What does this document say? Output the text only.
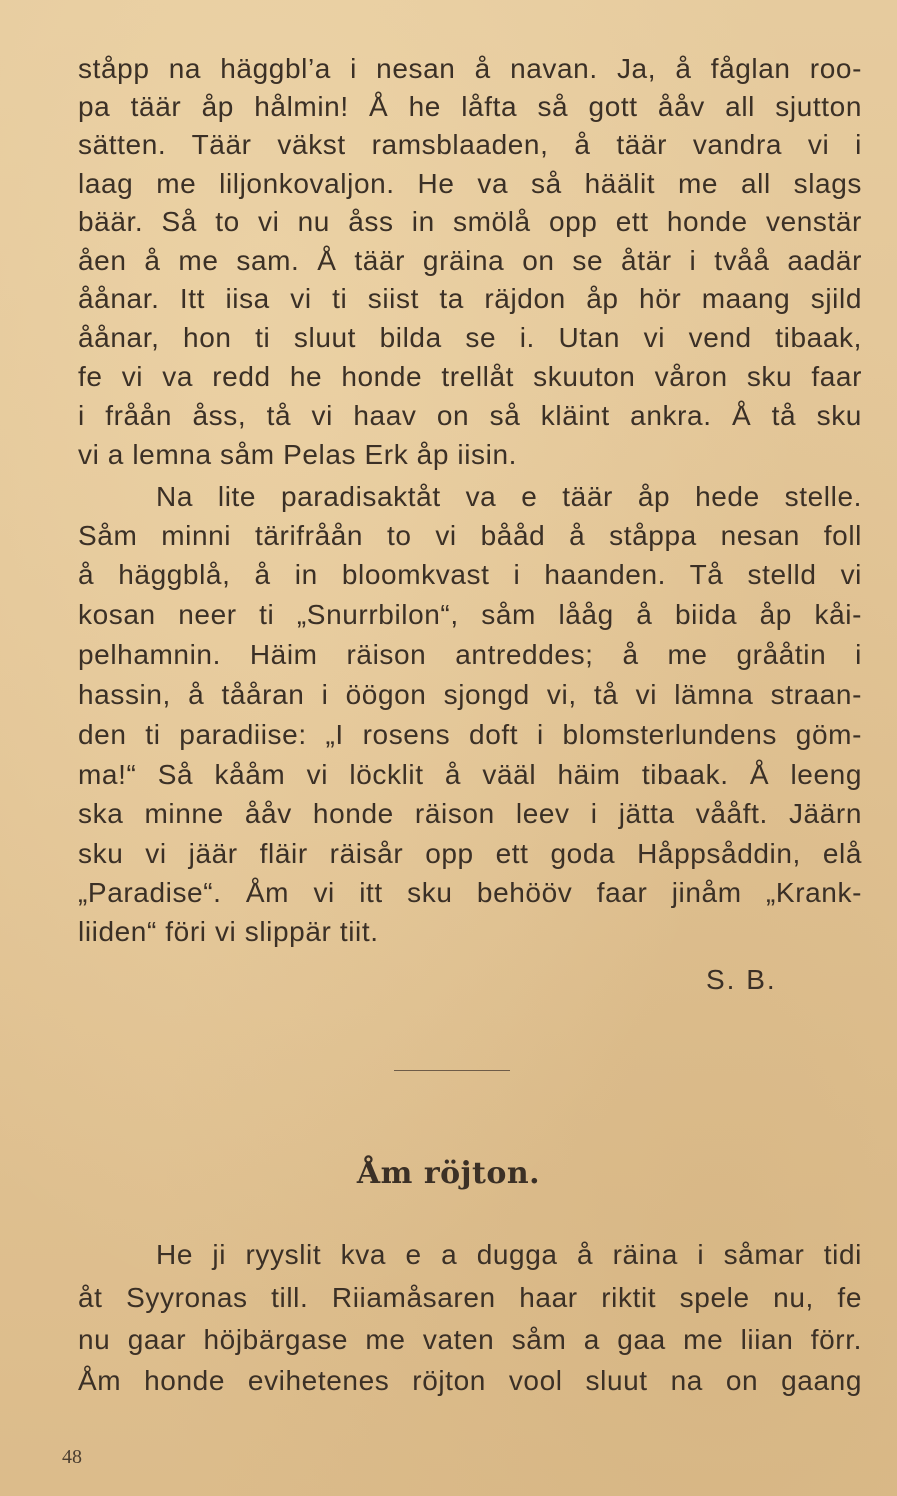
ståpp na häggbl’a i nesan å navan. Ja, å fåglan roo-
pa täär åp hålmin! Å he låfta så gott ååv all sjutton
sätten. Täär väkst ramsblaaden, å täär vandra vi i
laag me liljonkovaljon. He va så häälit me all slags
bäär. Så to vi nu åss in smölå opp ett honde venstär
åen å me sam. Å täär gräina on se åtär i tvåå aadär
åånar. Itt iisa vi ti siist ta räjdon åp hör maang sjild
åånar, hon ti sluut bilda se i. Utan vi vend tibaak,
fe vi va redd he honde trellåt skuuton våron sku faar
i fråån åss, tå vi haav on så kläint ankra. Å tå sku
vi a lemna såm Pelas Erk åp iisin.
Na lite paradisaktåt va e täär åp hede stelle.
Såm minni tärifråån to vi bååd å ståppa nesan foll
å häggblå, å in bloomkvast i haanden. Tå stelld vi
kosan neer ti „Snurrbilon“, såm lååg å biida åp kåi-
pelhamnin. Häim räison antreddes; å me grååtin i
hassin, å tååran i öögon sjongd vi, tå vi lämna straan-
den ti paradiise: „I rosens doft i blomsterlundens göm-
ma!“ Så kååm vi löcklit å vääl häim tibaak. Å leeng
ska minne ååv honde räison leev i jätta vååft. Jäärn
sku vi jäär fläir räisår opp ett goda Håppsåddin, elå
„Paradise“. Åm vi itt sku behööv faar jinåm „Krank-
liiden“ föri vi slippär tiit.
S. B.
Åm röjton.
He ji ryyslit kva e a dugga å räina i såmar tidi
åt Syyronas till. Riiamåsaren haar riktit spele nu, fe
nu gaar höjbärgase me vaten såm a gaa me liian förr.
Åm honde evihetenes röjton vool sluut na on gaang
48
